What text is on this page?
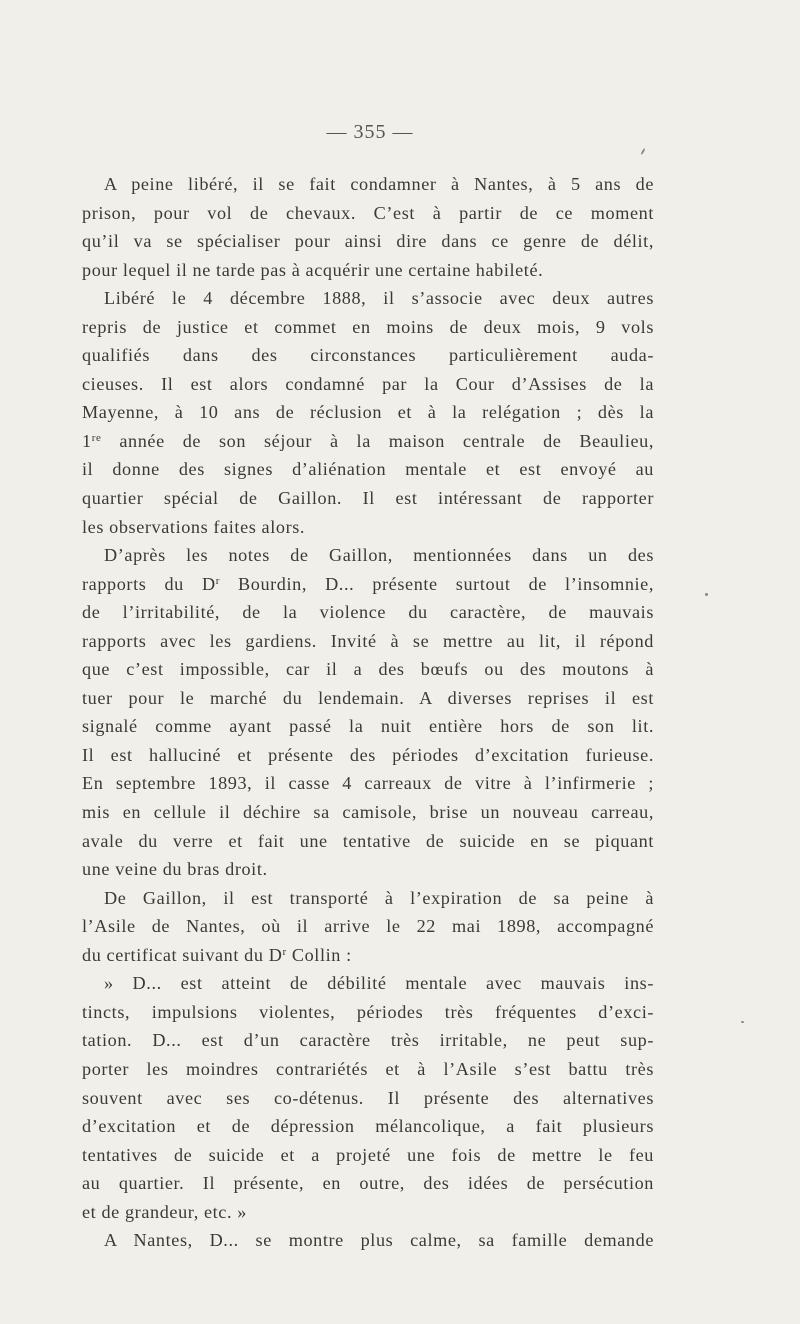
— 355 —
A peine libéré, il se fait condamner à Nantes, à 5 ans de
prison, pour vol de chevaux. C’est à partir de ce moment
qu’il va se spécialiser pour ainsi dire dans ce genre de délit,
pour lequel il ne tarde pas à acquérir une certaine habileté.
Libéré le 4 décembre 1888, il s’associe avec deux autres
repris de justice et commet en moins de deux mois, 9 vols
qualifiés dans des circonstances particulièrement auda-
cieuses. Il est alors condamné par la Cour d’Assises de la
Mayenne, à 10 ans de réclusion et à la relégation ; dès la
1re année de son séjour à la maison centrale de Beaulieu,
il donne des signes d’aliénation mentale et est envoyé au
quartier spécial de Gaillon. Il est intéressant de rapporter
les observations faites alors.
D’après les notes de Gaillon, mentionnées dans un des
rapports du $D^r$ Bourdin, D... présente surtout de l’insomnie,
de l’irritabilité, de la violence du caractère, de mauvais
rapports avec les gardiens. Invité à se mettre au lit, il répond
que c’est impossible, car il a des bœufs ou des moutons à
tuer pour le marché du lendemain. A diverses reprises il est
signalé comme ayant passé la nuit entière hors de son lit.
Il est halluciné et présente des périodes d’excitation furieuse.
En septembre 1893, il casse 4 carreaux de vitre à l’infirmerie ;
mis en cellule il déchire sa camisole, brise un nouveau carreau,
avale du verre et fait une tentative de suicide en se piquant
une veine du bras droit.
De Gaillon, il est transporté à l’expiration de sa peine à
l’Asile de Nantes, où il arrive le 22 mai 1898, accompagné
du certificat suivant du $D^r$ Collin :
» D... est atteint de débilité mentale avec mauvais ins-
tincts, impulsions violentes, périodes très fréquentes d’exci-
tation. D... est d’un caractère très irritable, ne peut sup-
porter les moindres contrariétés et à l’Asile s’est battu très
souvent avec ses co-détenus. Il présente des alternatives
d’excitation et de dépression mélancolique, a fait plusieurs
tentatives de suicide et a projeté une fois de mettre le feu
au quartier. Il présente, en outre, des idées de persécution
et de grandeur, etc. »
A Nantes, D... se montre plus calme, sa famille demande
